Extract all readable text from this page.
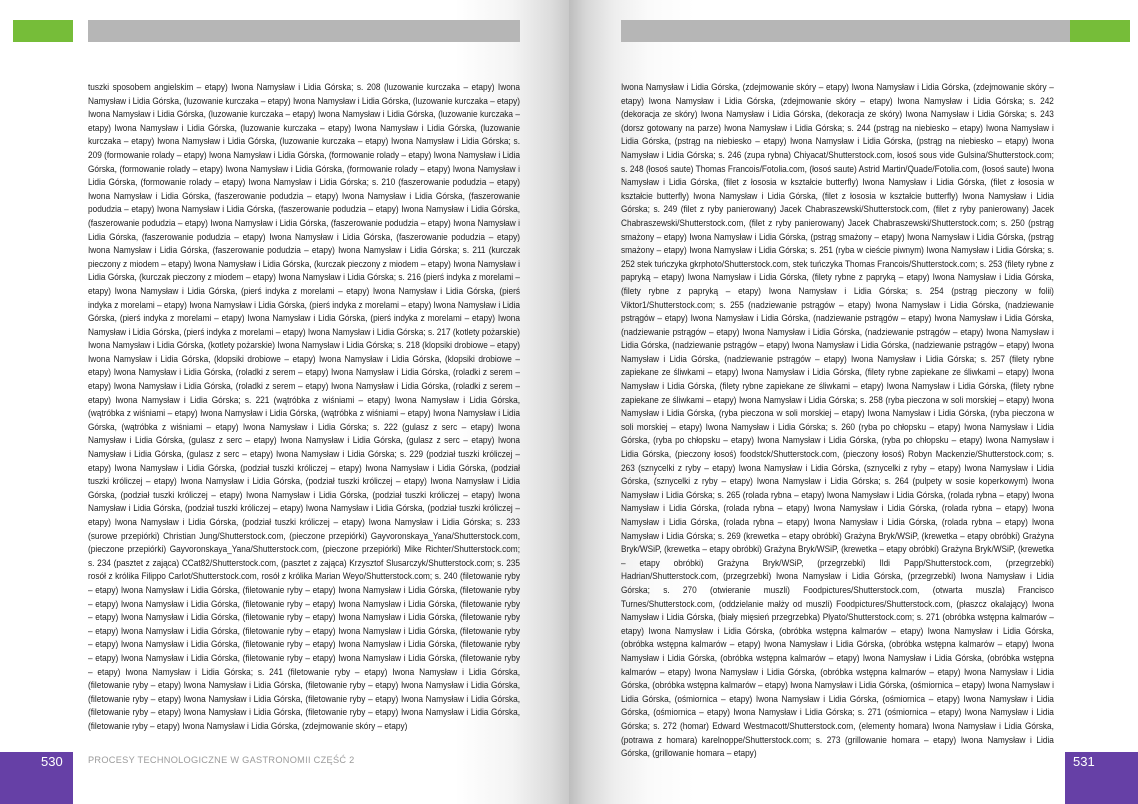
tuszki sposobem angielskim – etapy) Iwona Namysław i Lidia Górska; s. 208 (luzowanie kurczaka – etapy) Iwona Namysław i Lidia Górska, (luzowanie kurczaka – etapy) Iwona Namysław i Lidia Górska, (luzowanie kurczaka – etapy) Iwona Namysław i Lidia Górska, (luzowanie kurczaka – etapy) Iwona Namysław i Lidia Górska, (luzowanie kurczaka – etapy) Iwona Namysław i Lidia Górska, (luzowanie kurczaka – etapy) Iwona Namysław i Lidia Górska, (luzowanie kurczaka – etapy) Iwona Namysław i Lidia Górska, (luzowanie kurczaka – etapy) Iwona Namysław i Lidia Górska; s. 209 (formowanie rolady – etapy) Iwona Namysław i Lidia Górska, (formowanie rolady – etapy) Iwona Namysław i Lidia Górska, (formowanie rolady – etapy) Iwona Namysław i Lidia Górska, (formowanie rolady – etapy) Iwona Namysław i Lidia Górska, (formowanie rolady – etapy) Iwona Namysław i Lidia Górska; s. 210 (faszerowanie podudzia – etapy) Iwona Namysław i Lidia Górska, (faszerowanie podudzia – etapy) Iwona Namysław i Lidia Górska, (faszerowanie podudzia – etapy) Iwona Namysław i Lidia Górska, (faszerowanie podudzia – etapy) Iwona Namysław i Lidia Górska, (faszerowanie podudzia – etapy) Iwona Namysław i Lidia Górska, (faszerowanie podudzia – etapy) Iwona Namysław i Lidia Górska, (faszerowanie podudzia – etapy) Iwona Namysław i Lidia Górska, (faszerowanie podudzia – etapy) Iwona Namysław i Lidia Górska, (faszerowanie podudzia – etapy) Iwona Namysław i Lidia Górska; s. 211 (kurczak pieczony z miodem – etapy) Iwona Namysław i Lidia Górska, (kurczak pieczony z miodem – etapy) Iwona Namysław i Lidia Górska, (kurczak pieczony z miodem – etapy) Iwona Namysław i Lidia Górska; s. 216 (pierś indyka z morelami – etapy) Iwona Namysław i Lidia Górska, (pierś indyka z morelami – etapy) Iwona Namysław i Lidia Górska, (pierś indyka z morelami – etapy) Iwona Namysław i Lidia Górska, (pierś indyka z morelami – etapy) Iwona Namysław i Lidia Górska, (pierś indyka z morelami – etapy) Iwona Namysław i Lidia Górska, (pierś indyka z morelami – etapy) Iwona Namysław i Lidia Górska, (pierś indyka z morelami – etapy) Iwona Namysław i Lidia Górska; s. 217 (kotlety pożarskie) Iwona Namysław i Lidia Górska, (kotlety pożarskie) Iwona Namysław i Lidia Górska; s. 218 (klopsiki drobiowe – etapy) Iwona Namysław i Lidia Górska, (klopsiki drobiowe – etapy) Iwona Namysław i Lidia Górska, (klopsiki drobiowe – etapy) Iwona Namysław i Lidia Górska, (roladki z serem – etapy) Iwona Namysław i Lidia Górska, (roladki z serem – etapy) Iwona Namysław i Lidia Górska, (roladki z serem – etapy) Iwona Namysław i Lidia Górska, (roladki z serem – etapy) Iwona Namysław i Lidia Górska; s. 221 (wątróbka z wiśniami – etapy) Iwona Namysław i Lidia Górska, (wątróbka z wiśniami – etapy) Iwona Namysław i Lidia Górska, (wątróbka z wiśniami – etapy) Iwona Namysław i Lidia Górska, (wątróbka z wiśniami – etapy) Iwona Namysław i Lidia Górska; s. 222 (gulasz z serc – etapy) Iwona Namysław i Lidia Górska, (gulasz z serc – etapy) Iwona Namysław i Lidia Górska, (gulasz z serc – etapy) Iwona Namysław i Lidia Górska, (gulasz z serc – etapy) Iwona Namysław i Lidia Górska; s. 229 (podział tuszki króliczej – etapy) Iwona Namysław i Lidia Górska, (podział tuszki króliczej – etapy) Iwona Namysław i Lidia Górska, (podział tuszki króliczej – etapy) Iwona Namysław i Lidia Górska, (podział tuszki króliczej – etapy) Iwona Namysław i Lidia Górska, (podział tuszki króliczej – etapy) Iwona Namysław i Lidia Górska, (podział tuszki króliczej – etapy) Iwona Namysław i Lidia Górska, (podział tuszki króliczej – etapy) Iwona Namysław i Lidia Górska, (podział tuszki króliczej – etapy) Iwona Namysław i Lidia Górska, (podział tuszki króliczej – etapy) Iwona Namysław i Lidia Górska; s. 233 (surowe przepiórki) Christian Jung/Shutterstock.com, (pieczone przepiórki) Gayvoronskaya_Yana/Shutterstock.com, (pieczone przepiórki) Gayvoronskaya_Yana/Shutterstock.com, (pieczone przepiórki) Mike Richter/Shutterstock.com; s. 234 (pasztet z zająca) CCat82/Shutterstock.com, (pasztet z zająca) Krzysztof Slusarczyk/Shutterstock.com; s. 235 rosół z królika Filippo Carlot/Shutterstock.com, rosół z królika Marian Weyo/Shutterstock.com; s. 240 (filetowanie ryby – etapy) Iwona Namysław i Lidia Górska, (filetowanie ryby – etapy) Iwona Namysław i Lidia Górska, (filetowanie ryby – etapy) Iwona Namysław i Lidia Górska, (filetowanie ryby – etapy) Iwona Namysław i Lidia Górska, (filetowanie ryby – etapy) Iwona Namysław i Lidia Górska, (filetowanie ryby – etapy) Iwona Namysław i Lidia Górska, (filetowanie ryby – etapy) Iwona Namysław i Lidia Górska, (filetowanie ryby – etapy) Iwona Namysław i Lidia Górska, (filetowanie ryby – etapy) Iwona Namysław i Lidia Górska, (filetowanie ryby – etapy) Iwona Namysław i Lidia Górska, (filetowanie ryby – etapy) Iwona Namysław i Lidia Górska, (filetowanie ryby – etapy) Iwona Namysław i Lidia Górska, (filetowanie ryby – etapy) Iwona Namysław i Lidia Górska; s. 241 (filetowanie ryby – etapy) Iwona Namysław i Lidia Górska, (filetowanie ryby – etapy) Iwona Namysław i Lidia Górska, (filetowanie ryby – etapy) Iwona Namysław i Lidia Górska, (filetowanie ryby – etapy) Iwona Namysław i Lidia Górska, (filetowanie ryby – etapy) Iwona Namysław i Lidia Górska, (filetowanie ryby – etapy) Iwona Namysław i Lidia Górska, (filetowanie ryby – etapy) Iwona Namysław i Lidia Górska, (filetowanie ryby – etapy) Iwona Namysław i Lidia Górska, (zdejmowanie skóry – etapy)
530	PROCESY TECHNOLOGICZNE W GASTRONOMII CZĘŚĆ 2
Iwona Namysław i Lidia Górska, (zdejmowanie skóry – etapy) Iwona Namysław i Lidia Górska, (zdejmowanie skóry – etapy) Iwona Namysław i Lidia Górska, (zdejmowanie skóry – etapy) Iwona Namysław i Lidia Górska; s. 242 (dekoracja ze skóry) Iwona Namysław i Lidia Górska, (dekoracja ze skóry) Iwona Namysław i Lidia Górska; s. 243 (dorsz gotowany na parze) Iwona Namysław i Lidia Górska; s. 244 (pstrąg na niebiesko – etapy) Iwona Namysław i Lidia Górska, (pstrąg na niebiesko – etapy) Iwona Namysław i Lidia Górska, (pstrąg na niebiesko – etapy) Iwona Namysław i Lidia Górska; s. 246 (zupa rybna) Chiyacat/Shutterstock.com, łosoś sous vide Gulsina/Shutterstock.com; s. 248 (łosoś saute) Thomas Francois/Fotolia.com, (łosoś saute) Astrid Martin/Quade/Fotolia.com, (łosoś saute) Iwona Namysław i Lidia Górska, (filet z łososia w kształcie butterfly) Iwona Namysław i Lidia Górska, (filet z łososia w kształcie butterfly) Iwona Namysław i Lidia Górska, (filet z łososia w kształcie butterfly) Iwona Namysław i Lidia Górska; s. 249 (filet z ryby panierowany) Jacek Chabraszewski/Shutterstock.com, (filet z ryby panierowany) Jacek Chabraszewski/Shutterstock.com, (filet z ryby panierowany) Jacek Chabraszewski/Shutterstock.com; s. 250 (pstrąg smażony – etapy) Iwona Namysław i Lidia Górska, (pstrąg smażony – etapy) Iwona Namysław i Lidia Górska, (pstrąg smażony – etapy) Iwona Namysław i Lidia Górska; s. 251 (ryba w cieście piwnym) Iwona Namysław i Lidia Górska; s. 252 stek tuńczyka gkrphoto/Shutterstock.com, stek tuńczyka Thomas Francois/Shutterstock.com; s. 253 (filety rybne z papryką – etapy) Iwona Namysław i Lidia Górska, (filety rybne z papryką – etapy) Iwona Namysław i Lidia Górska, (filety rybne z papryką – etapy) Iwona Namysław i Lidia Górska; s. 254 (pstrąg pieczony w folii) Viktor1/Shutterstock.com; s. 255 (nadziewanie pstrągów – etapy) Iwona Namysław i Lidia Górska, (nadziewanie pstrągów – etapy) Iwona Namysław i Lidia Górska, (nadziewanie pstrągów – etapy) Iwona Namysław i Lidia Górska, (nadziewanie pstrągów – etapy) Iwona Namysław i Lidia Górska, (nadziewanie pstrągów – etapy) Iwona Namysław i Lidia Górska, (nadziewanie pstrągów – etapy) Iwona Namysław i Lidia Górska, (nadziewanie pstrągów – etapy) Iwona Namysław i Lidia Górska, (nadziewanie pstrągów – etapy) Iwona Namysław i Lidia Górska; s. 257 (filety rybne zapiekane ze śliwkami – etapy) Iwona Namysław i Lidia Górska, (filety rybne zapiekane ze śliwkami – etapy) Iwona Namysław i Lidia Górska, (filety rybne zapiekane ze śliwkami – etapy) Iwona Namysław i Lidia Górska, (filety rybne zapiekane ze śliwkami – etapy) Iwona Namysław i Lidia Górska; s. 258 (ryba pieczona w soli morskiej – etapy) Iwona Namysław i Lidia Górska, (ryba pieczona w soli morskiej – etapy) Iwona Namysław i Lidia Górska, (ryba pieczona w soli morskiej – etapy) Iwona Namysław i Lidia Górska; s. 260 (ryba po chłopsku – etapy) Iwona Namysław i Lidia Górska, (ryba po chłopsku – etapy) Iwona Namysław i Lidia Górska, (ryba po chłopsku – etapy) Iwona Namysław i Lidia Górska, (pieczony łosoś) foodstck/Shutterstock.com, (pieczony łosoś) Robyn Mackenzie/Shutterstock.com; s. 263 (szny̨celki z ryby – etapy) Iwona Namysław i Lidia Górska, (sznycelki z ryby – etapy) Iwona Namysław i Lidia Górska, (sznycelki z ryby – etapy) Iwona Namysław i Lidia Górska; s. 264 (pulpety w sosie koperkowym) Iwona Namysław i Lidia Górska; s. 265 (rolada rybna – etapy) Iwona Namysław i Lidia Górska, (rolada rybna – etapy) Iwona Namysław i Lidia Górska, (rolada rybna – etapy) Iwona Namysław i Lidia Górska, (rolada rybna – etapy) Iwona Namysław i Lidia Górska, (rolada rybna – etapy) Iwona Namysław i Lidia Górska, (rolada rybna – etapy) Iwona Namysław i Lidia Górska; s. 269 (krewetka – etapy obróbki) Grażyna Bryk/WSiP, (krewetka – etapy obróbki) Grażyna Bryk/WSiP, (krewetka – etapy obróbki) Grażyna Bryk/WSiP, (krewetka – etapy obróbki) Grażyna Bryk/WSiP, (krewetka – etapy obróbki) Grażyna Bryk/WSiP, (przegrzebki) Ildi Papp/Shutterstock.com, (przegrzebki) Hadrian/Shutterstock.com, (przegrzebki) Iwona Namysław i Lidia Górska, (przegrzebki) Iwona Namysław i Lidia Górska; s. 270 (otwieranie muszli) Foodpictures/Shutterstock.com, (otwarta muszla) Francisco Turnes/Shutterstock.com, (oddzielanie małży od muszli) Foodpictures/Shutterstock.com, (płaszcz okalający) Iwona Namysław i Lidia Górska, (biały mięsień przegrzebka) Plyato/Shutterstock.com; s. 271 (obróbka wstępna kalmarów – etapy) Iwona Namysław i Lidia Górska, (obróbka wstępna kalmarów – etapy) Iwona Namysław i Lidia Górska, (obróbka wstępna kalmarów – etapy) Iwona Namysław i Lidia Górska, (obróbka wstępna kalmarów – etapy) Iwona Namysław i Lidia Górska, (obróbka wstępna kalmarów – etapy) Iwona Namysław i Lidia Górska, (obróbka wstępna kalmarów – etapy) Iwona Namysław i Lidia Górska, (obróbka wstępna kalmarów – etapy) Iwona Namysław i Lidia Górska, (obróbka wstępna kalmarów – etapy) Iwona Namysław i Lidia Górska, (ośmiornica – etapy) Iwona Namysław i Lidia Górska, (ośmiornica – etapy) Iwona Namysław i Lidia Górska, (ośmiornica – etapy) Iwona Namysław i Lidia Górska, (ośmiornica – etapy) Iwona Namysław i Lidia Górska; s. 271 (ośmiornica – etapy) Iwona Namysław i Lidia Górska; s. 272 (homar) Edward Westmacott/Shutterstock.com, (elementy homara) Iwona Namysław i Lidia Górska, (potrawa z homara) karelnoppe/Shutterstock.com; s. 273 (grillowanie homara – etapy) Iwona Namysław i Lidia Górska, (grillowanie homara – etapy)
531
